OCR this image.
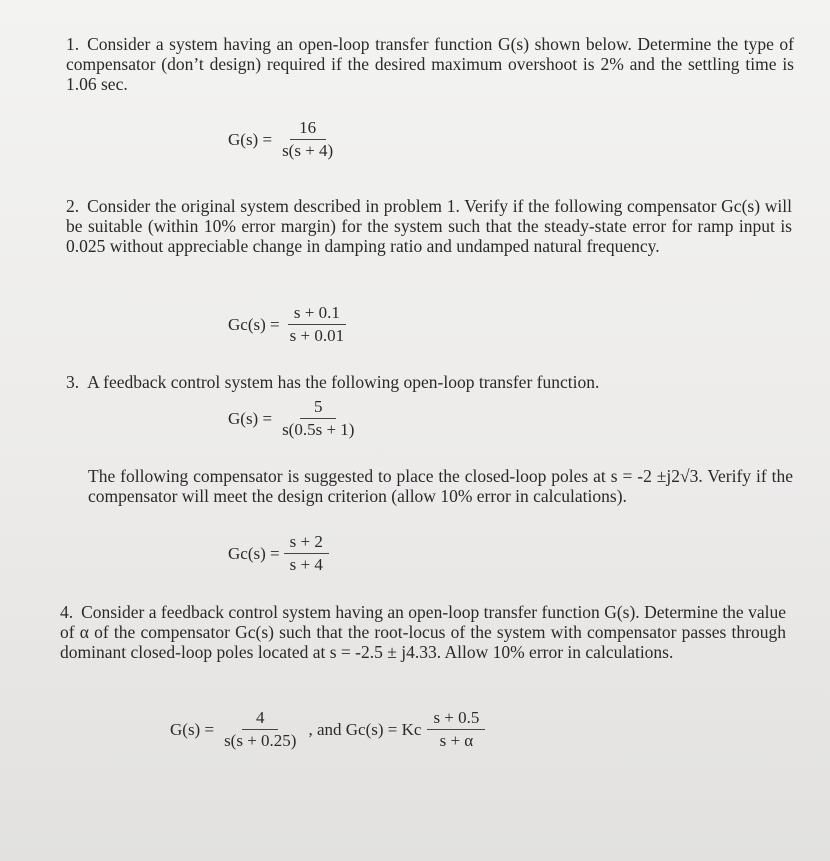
1. Consider a system having an open-loop transfer function G(s) shown below. Determine the type of compensator (don’t design) required if the desired maximum overshoot is 2% and the settling time is 1.06 sec.

$G(s) = \frac{16}{s(s + 4)}$

2. Consider the original system described in problem 1. Verify if the following compensator Gc(s) will be suitable (within 10% error margin) for the system such that the steady-state error for ramp input is 0.025 without appreciable change in damping ratio and undamped natural frequency.

$Gc(s) = \frac{s + 0.1}{s + 0.01}$

3. A feedback control system has the following open-loop transfer function.

$G(s) = \frac{5}{s(0.5s + 1)}$

The following compensator is suggested to place the closed-loop poles at s = -2 ±j2√3. Verify if the compensator will meet the design criterion (allow 10% error in calculations).

$Gc(s) = \frac{s + 2}{s + 4}$

4. Consider a feedback control system having an open-loop transfer function G(s). Determine the value of α of the compensator Gc(s) such that the root-locus of the system with compensator passes through dominant closed-loop poles located at s = -2.5 ± j4.33. Allow 10% error in calculations.

$G(s) = \frac{4}{s(s + 0.25)}$ , and Gc(s) = Kc $\frac{s + 0.5}{s + \alpha}$
